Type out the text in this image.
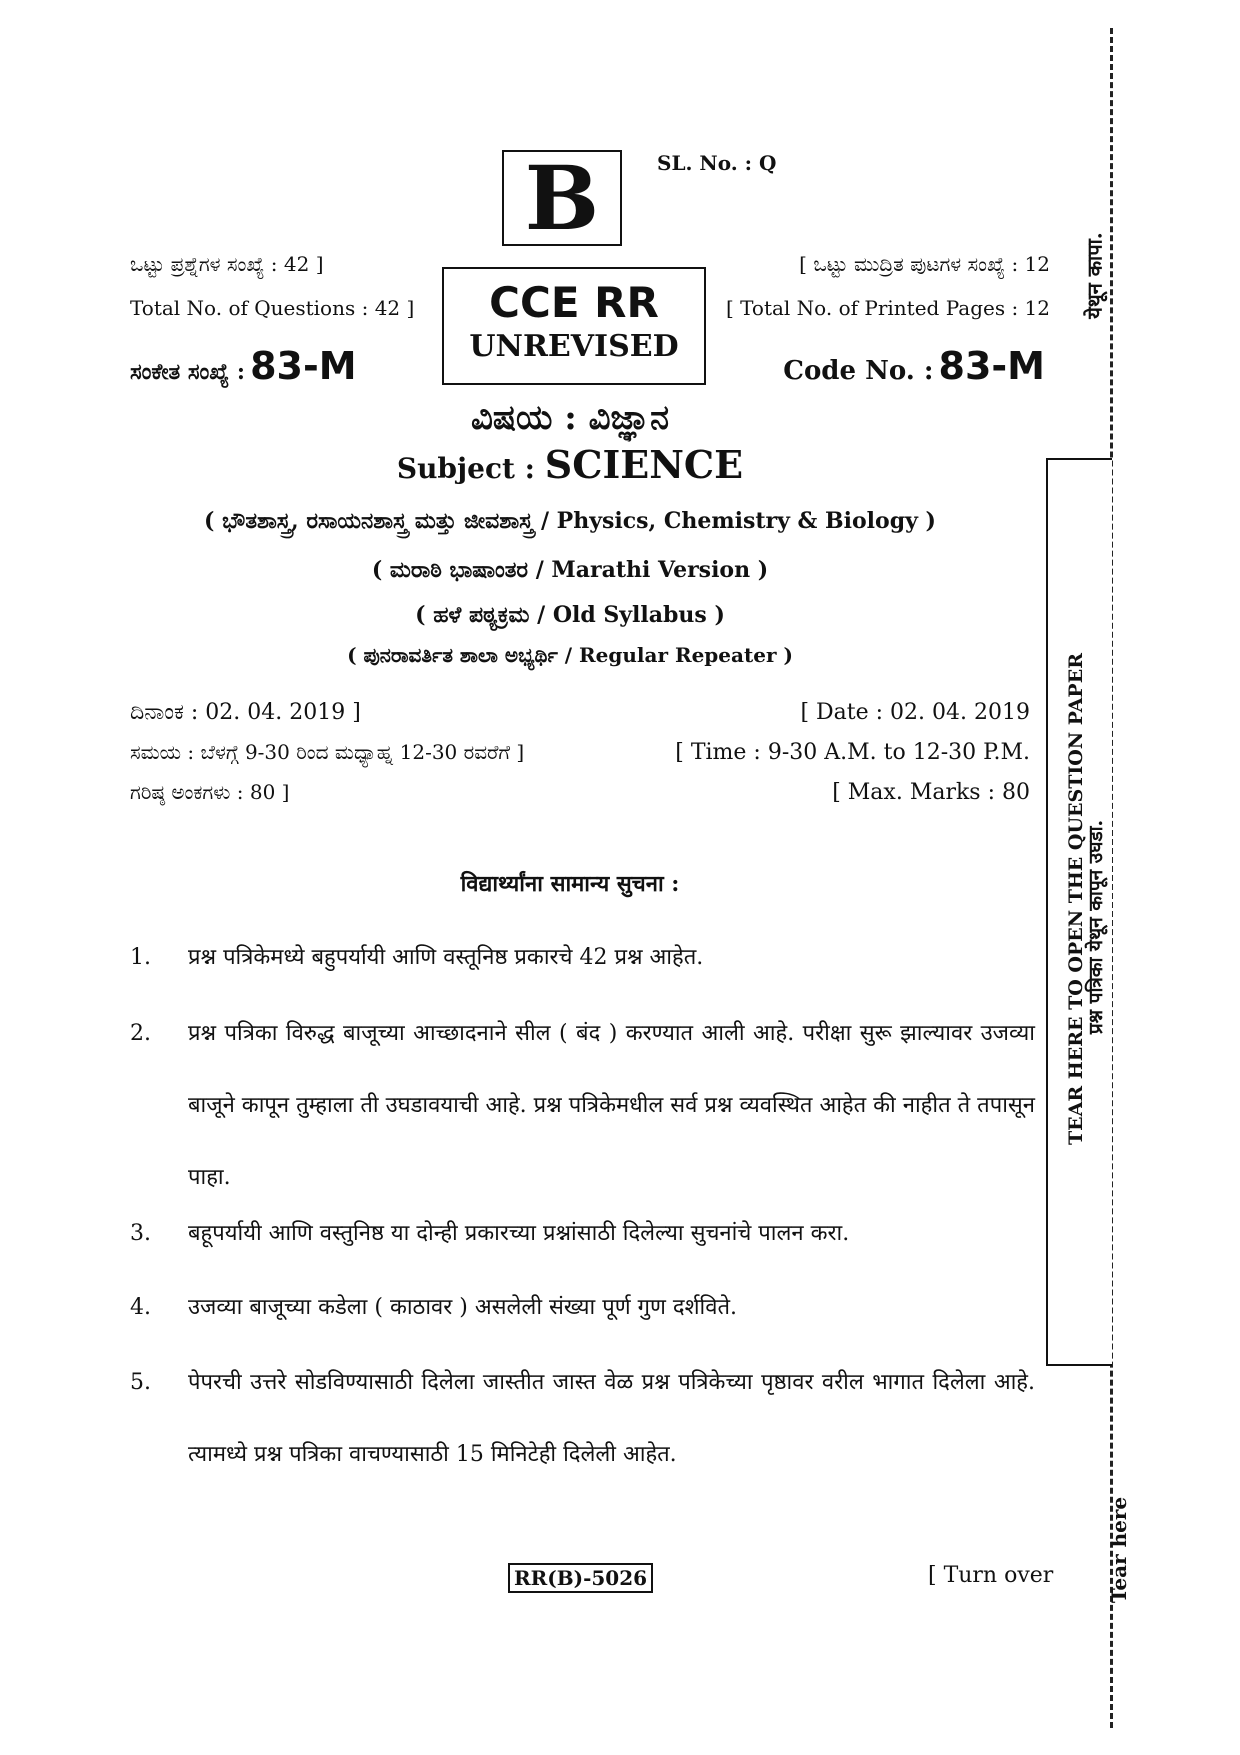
B	SL. No. : Q
ಒಟ್ಟು ಪ್ರಶ್ನೆಗಳ ಸಂಖ್ಯೆ : 42 ]
Total No. of Questions : 42 ]
[ ಒಟ್ಟು ಮುದ್ರಿತ ಪುಟಗಳ ಸಂಖ್ಯೆ : 12
[ Total No. of Printed Pages : 12
CCE RR
UNREVISED
ಸಂಕೇತ ಸಂಖ್ಯೆ : 83-M	Code No. : 83-M
ವಿಷಯ : ವಿಜ್ಞಾನ
Subject : SCIENCE
( ಭೌತಶಾಸ್ತ್ರ, ರಸಾಯನಶಾಸ್ತ್ರ ಮತ್ತು ಜೀವಶಾಸ್ತ್ರ / Physics, Chemistry & Biology )
( ಮರಾಠಿ ಭಾಷಾಂತರ / Marathi Version )
( ಹಳೆ ಪಠ್ಯಕ್ರಮ / Old Syllabus )
( ಪುನರಾವರ್ತಿತ ಶಾಲಾ ಅಭ್ಯರ್ಥಿ / Regular Repeater )
ದಿನಾಂಕ : 02. 04. 2019 ]	[ Date : 02. 04. 2019
ಸಮಯ : ಬೆಳಗ್ಗೆ 9-30 ರಿಂದ ಮಧ್ಯಾಹ್ನ 12-30 ರವರೆಗೆ ]	[ Time : 9-30 A.M. to 12-30 P.M.
ಗರಿಷ್ಠ ಅಂಕಗಳು : 80 ]	[ Max. Marks : 80
विद्यार्थ्यांना सामान्य सुचना :
1.	प्रश्न पत्रिकेमध्ये बहुपर्यायी आणि वस्तूनिष्ठ प्रकारचे 42 प्रश्न आहेत.
2.	प्रश्न पत्रिका विरुद्ध बाजूच्या आच्छादनाने सील ( बंद ) करण्यात आली आहे. परीक्षा सुरू झाल्यावर उजव्या बाजूने कापून तुम्हाला ती उघडावयाची आहे. प्रश्न पत्रिकेमधील सर्व प्रश्न व्यवस्थित आहेत की नाहीत ते तपासून पाहा.
3.	बहूपर्यायी आणि वस्तुनिष्ठ या दोन्ही प्रकारच्या प्रश्नांसाठी दिलेल्या सुचनांचे पालन करा.
4.	उजव्या बाजूच्या कडेला ( काठावर ) असलेली संख्या पूर्ण गुण दर्शविते.
5.	पेपरची उत्तरे सोडविण्यासाठी दिलेला जास्तीत जास्त वेळ प्रश्न पत्रिकेच्या पृष्ठावर वरील भागात दिलेला आहे. त्यामध्ये प्रश्न पत्रिका वाचण्यासाठी 15 मिनिटेही दिलेली आहेत.
येथून कापा.
TEAR HERE TO OPEN THE QUESTION PAPER
प्रश्न पत्रिका येथून कापून उघडा.
Tear here
RR(B)-5026	[ Turn over
